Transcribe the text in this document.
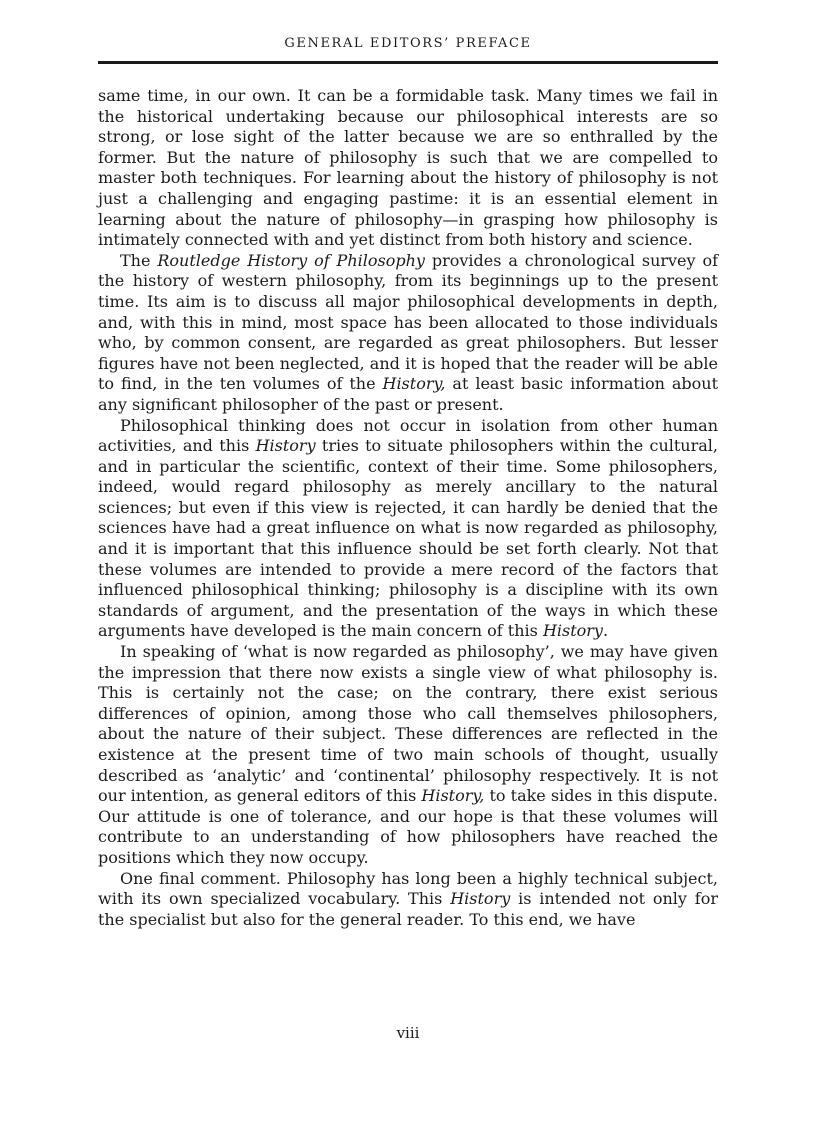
GENERAL EDITORS’ PREFACE

same time, in our own. It can be a formidable task. Many times we fail in the historical undertaking because our philosophical interests are so strong, or lose sight of the latter because we are so enthralled by the former. But the nature of philosophy is such that we are compelled to master both techniques. For learning about the history of philosophy is not just a challenging and engaging pastime: it is an essential element in learning about the nature of philosophy—in grasping how philosophy is intimately connected with and yet distinct from both history and science.

The Routledge History of Philosophy provides a chronological survey of the history of western philosophy, from its beginnings up to the present time. Its aim is to discuss all major philosophical developments in depth, and, with this in mind, most space has been allocated to those individuals who, by common consent, are regarded as great philosophers. But lesser figures have not been neglected, and it is hoped that the reader will be able to find, in the ten volumes of the History, at least basic information about any significant philosopher of the past or present.

Philosophical thinking does not occur in isolation from other human activities, and this History tries to situate philosophers within the cultural, and in particular the scientific, context of their time. Some philosophers, indeed, would regard philosophy as merely ancillary to the natural sciences; but even if this view is rejected, it can hardly be denied that the sciences have had a great influence on what is now regarded as philosophy, and it is important that this influence should be set forth clearly. Not that these volumes are intended to provide a mere record of the factors that influenced philosophical thinking; philosophy is a discipline with its own standards of argument, and the presentation of the ways in which these arguments have developed is the main concern of this History.

In speaking of ‘what is now regarded as philosophy’, we may have given the impression that there now exists a single view of what philosophy is. This is certainly not the case; on the contrary, there exist serious differences of opinion, among those who call themselves philosophers, about the nature of their subject. These differences are reflected in the existence at the present time of two main schools of thought, usually described as ‘analytic’ and ‘continental’ philosophy respectively. It is not our intention, as general editors of this History, to take sides in this dispute. Our attitude is one of tolerance, and our hope is that these volumes will contribute to an understanding of how philosophers have reached the positions which they now occupy.

One final comment. Philosophy has long been a highly technical subject, with its own specialized vocabulary. This History is intended not only for the specialist but also for the general reader. To this end, we have

viii
